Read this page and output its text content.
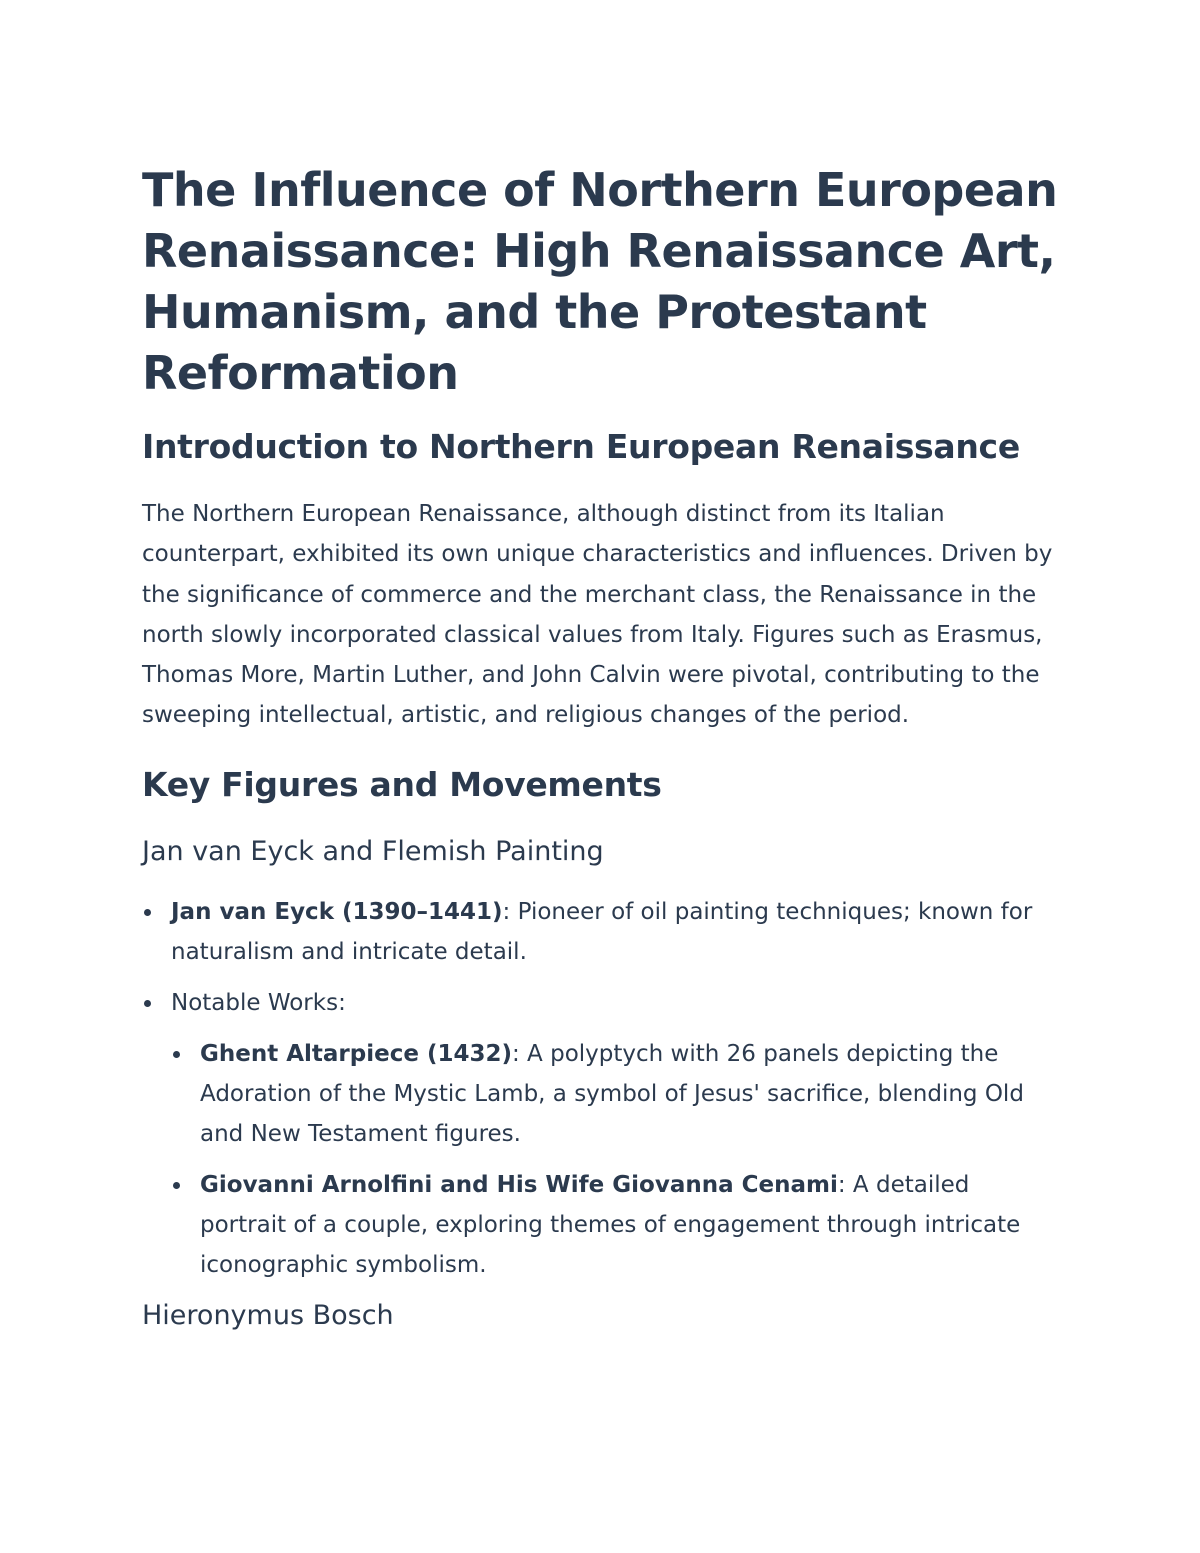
The Influence of Northern European Renaissance: High Renaissance Art, Humanism, and the Protestant Reformation
Introduction to Northern European Renaissance

The Northern European Renaissance, although distinct from its Italian counterpart, exhibited its own unique characteristics and influences. Driven by the significance of commerce and the merchant class, the Renaissance in the north slowly incorporated classical values from Italy. Figures such as Erasmus, Thomas More, Martin Luther, and John Calvin were pivotal, contributing to the sweeping intellectual, artistic, and religious changes of the period.

Key Figures and Movements
Jan van Eyck and Flemish Painting
Jan van Eyck (1390–1441): Pioneer of oil painting techniques; known for naturalism and intricate detail.
Notable Works:
Ghent Altarpiece (1432): A polyptych with 26 panels depicting the Adoration of the Mystic Lamb, a symbol of Jesus' sacrifice, blending Old and New Testament figures.
Giovanni Arnolfini and His Wife Giovanna Cenami: A detailed portrait of a couple, exploring themes of engagement through intricate iconographic symbolism.
Hieronymus Bosch
